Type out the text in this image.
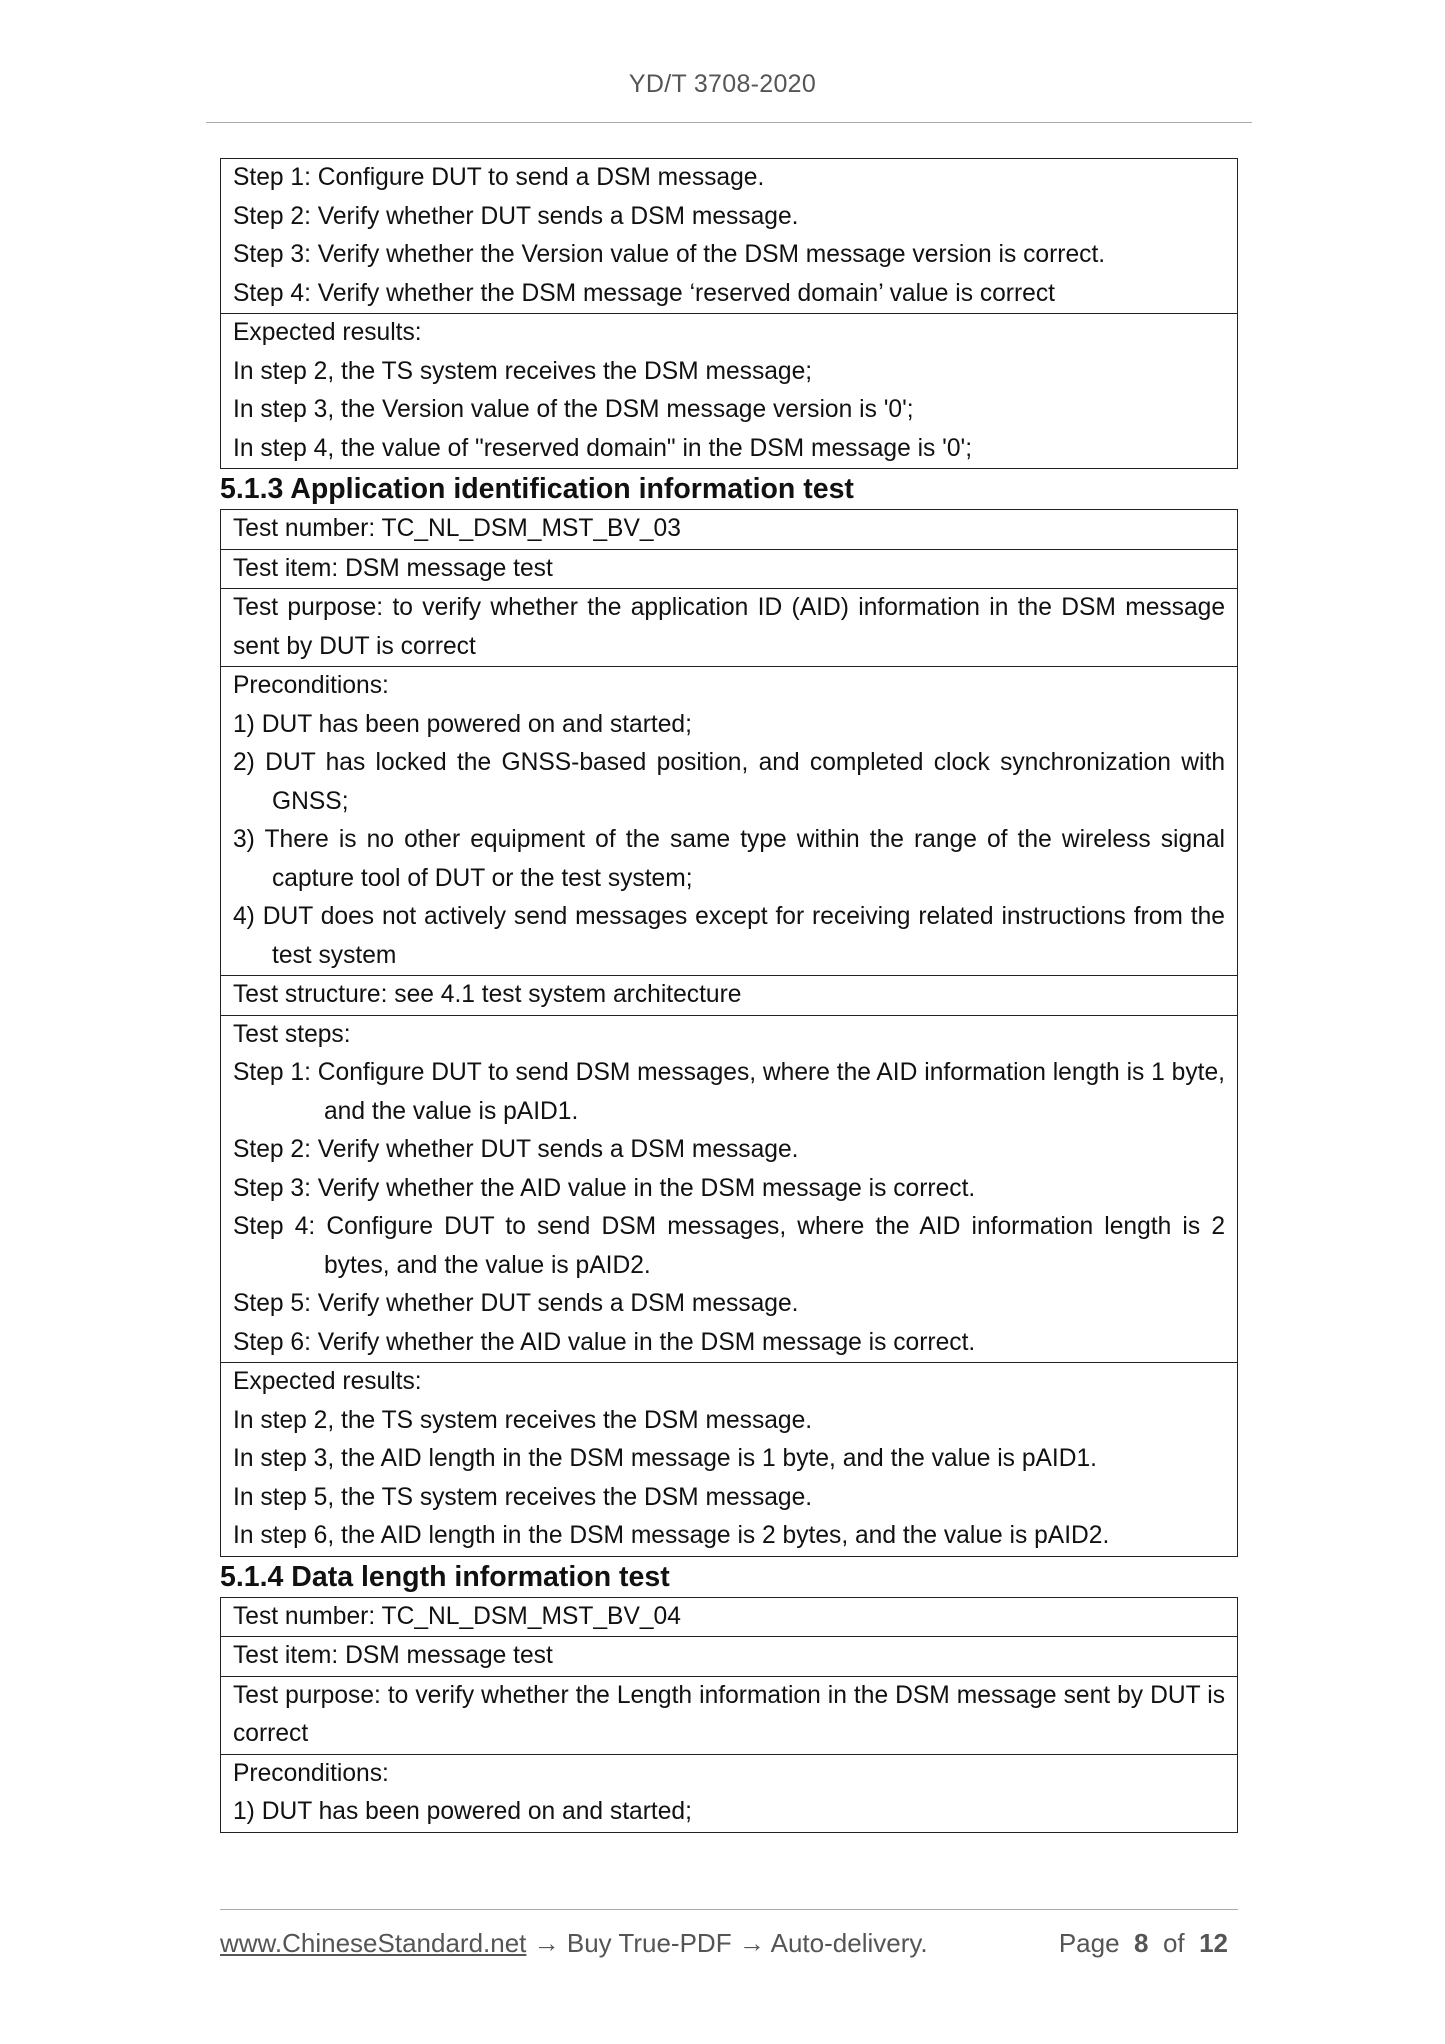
YD/T 3708-2020
Step 1: Configure DUT to send a DSM message.
Step 2: Verify whether DUT sends a DSM message.
Step 3: Verify whether the Version value of the DSM message version is correct.
Step 4: Verify whether the DSM message ‘reserved domain’ value is correct

Expected results:
In step 2, the TS system receives the DSM message;
In step 3, the Version value of the DSM message version is '0';
In step 4, the value of "reserved domain" in the DSM message is '0';
5.1.3 Application identification information test
Test number: TC_NL_DSM_MST_BV_03
Test item: DSM message test
Test purpose: to verify whether the application ID (AID) information in the DSM message sent by DUT is correct

Preconditions:
1) DUT has been powered on and started;
2) DUT has locked the GNSS-based position, and completed clock synchronization with GNSS;
3) There is no other equipment of the same type within the range of the wireless signal capture tool of DUT or the test system;
4) DUT does not actively send messages except for receiving related instructions from the test system

Test structure: see 4.1 test system architecture

Test steps:
Step 1: Configure DUT to send DSM messages, where the AID information length is 1 byte, and the value is pAID1.
Step 2: Verify whether DUT sends a DSM message.
Step 3: Verify whether the AID value in the DSM message is correct.
Step 4: Configure DUT to send DSM messages, where the AID information length is 2 bytes, and the value is pAID2.
Step 5: Verify whether DUT sends a DSM message.
Step 6: Verify whether the AID value in the DSM message is correct.

Expected results:
In step 2, the TS system receives the DSM message.
In step 3, the AID length in the DSM message is 1 byte, and the value is pAID1.
In step 5, the TS system receives the DSM message.
In step 6, the AID length in the DSM message is 2 bytes, and the value is pAID2.
5.1.4 Data length information test
Test number: TC_NL_DSM_MST_BV_04
Test item: DSM message test
Test purpose: to verify whether the Length information in the DSM message sent by DUT is correct

Preconditions:
1) DUT has been powered on and started;
www.ChineseStandard.net → Buy True-PDF → Auto-delivery.	Page 8 of 12
